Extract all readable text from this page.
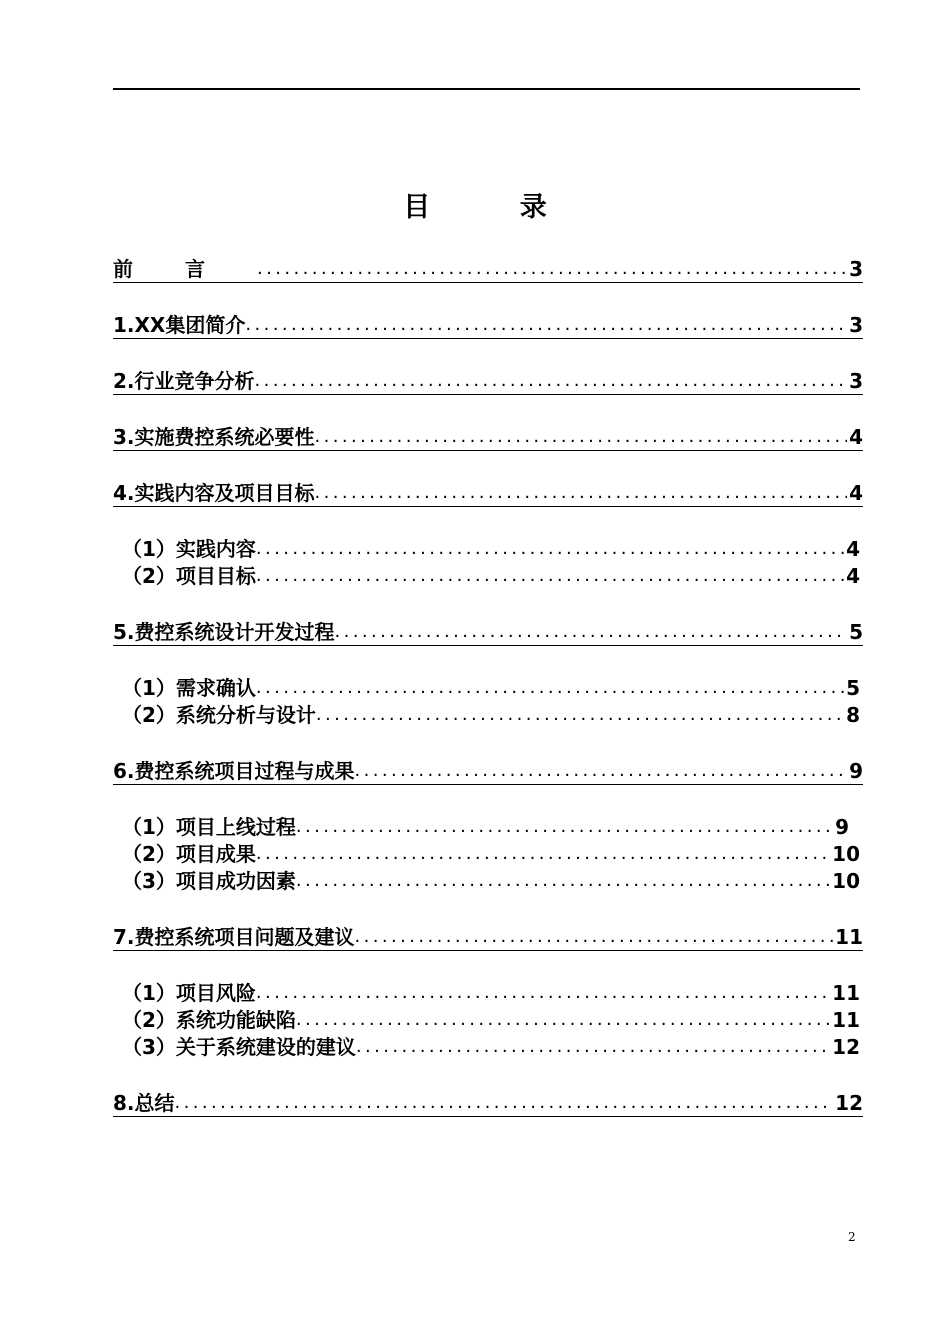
目 录
前言 .....	3
1.XX集团简介 .....	3
2.行业竞争分析 .....	3
3.实施费控系统必要性 .....	4
4.实践内容及项目目标 .....	4
（1）实践内容 .....	4
（2）项目目标 .....	4
5.费控系统设计开发过程 .....	5
（1）需求确认 .....	5
（2）系统分析与设计 .....	8
6.费控系统项目过程与成果 .....	9
（1）项目上线过程 .....	9
（2）项目成果 .....	10
（3）项目成功因素 .....	10
7.费控系统项目问题及建议 .....	11
（1）项目风险 .....	11
（2）系统功能缺陷 .....	11
（3）关于系统建设的建议 .....	12
8.总结 .....	12
2
